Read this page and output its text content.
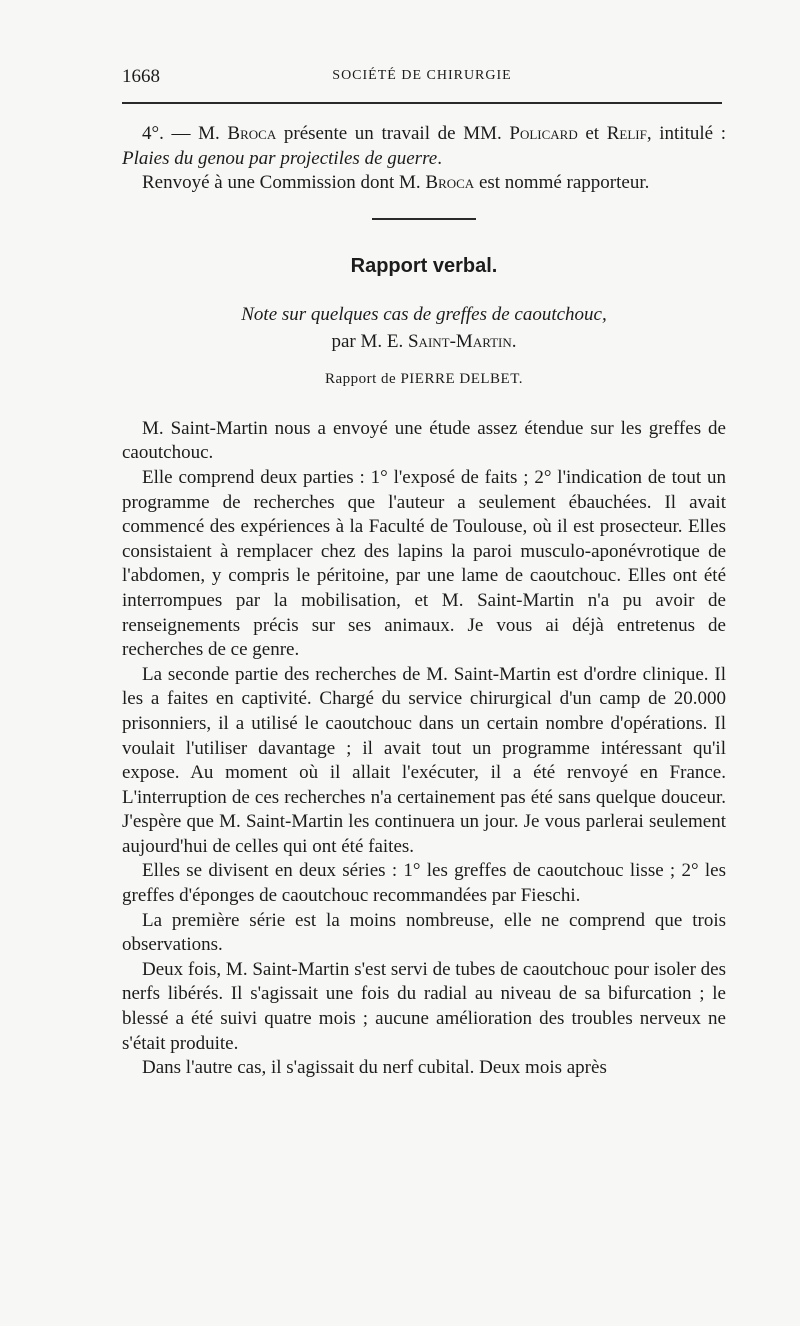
1668	SOCIÉTÉ DE CHIRURGIE

4°. — M. Broca présente un travail de MM. Policard et Relif, intitulé : Plaies du genou par projectiles de guerre.

Renvoyé à une Commission dont M. Broca est nommé rapporteur.

Rapport verbal.
Note sur quelques cas de greffes de caoutchouc,
par M. E. Saint-Martin.
Rapport de PIERRE DELBET.

M. Saint-Martin nous a envoyé une étude assez étendue sur les greffes de caoutchouc.

Elle comprend deux parties : 1° l'exposé de faits ; 2° l'indication de tout un programme de recherches que l'auteur a seulement ébauchées. Il avait commencé des expériences à la Faculté de Toulouse, où il est prosecteur. Elles consistaient à remplacer chez des lapins la paroi musculo-aponévrotique de l'abdomen, y compris le péritoine, par une lame de caoutchouc. Elles ont été interrompues par la mobilisation, et M. Saint-Martin n'a pu avoir de renseignements précis sur ses animaux. Je vous ai déjà entretenus de recherches de ce genre.

La seconde partie des recherches de M. Saint-Martin est d'ordre clinique. Il les a faites en captivité. Chargé du service chirurgical d'un camp de 20.000 prisonniers, il a utilisé le caoutchouc dans un certain nombre d'opérations. Il voulait l'utiliser davantage ; il avait tout un programme intéressant qu'il expose. Au moment où il allait l'exécuter, il a été renvoyé en France. L'interruption de ces recherches n'a certainement pas été sans quelque douceur. J'espère que M. Saint-Martin les continuera un jour. Je vous parlerai seulement aujourd'hui de celles qui ont été faites.

Elles se divisent en deux séries : 1° les greffes de caoutchouc lisse ; 2° les greffes d'éponges de caoutchouc recommandées par Fieschi.

La première série est la moins nombreuse, elle ne comprend que trois observations.

Deux fois, M. Saint-Martin s'est servi de tubes de caoutchouc pour isoler des nerfs libérés. Il s'agissait une fois du radial au niveau de sa bifurcation ; le blessé a été suivi quatre mois ; aucune amélioration des troubles nerveux ne s'était produite.

Dans l'autre cas, il s'agissait du nerf cubital. Deux mois après
